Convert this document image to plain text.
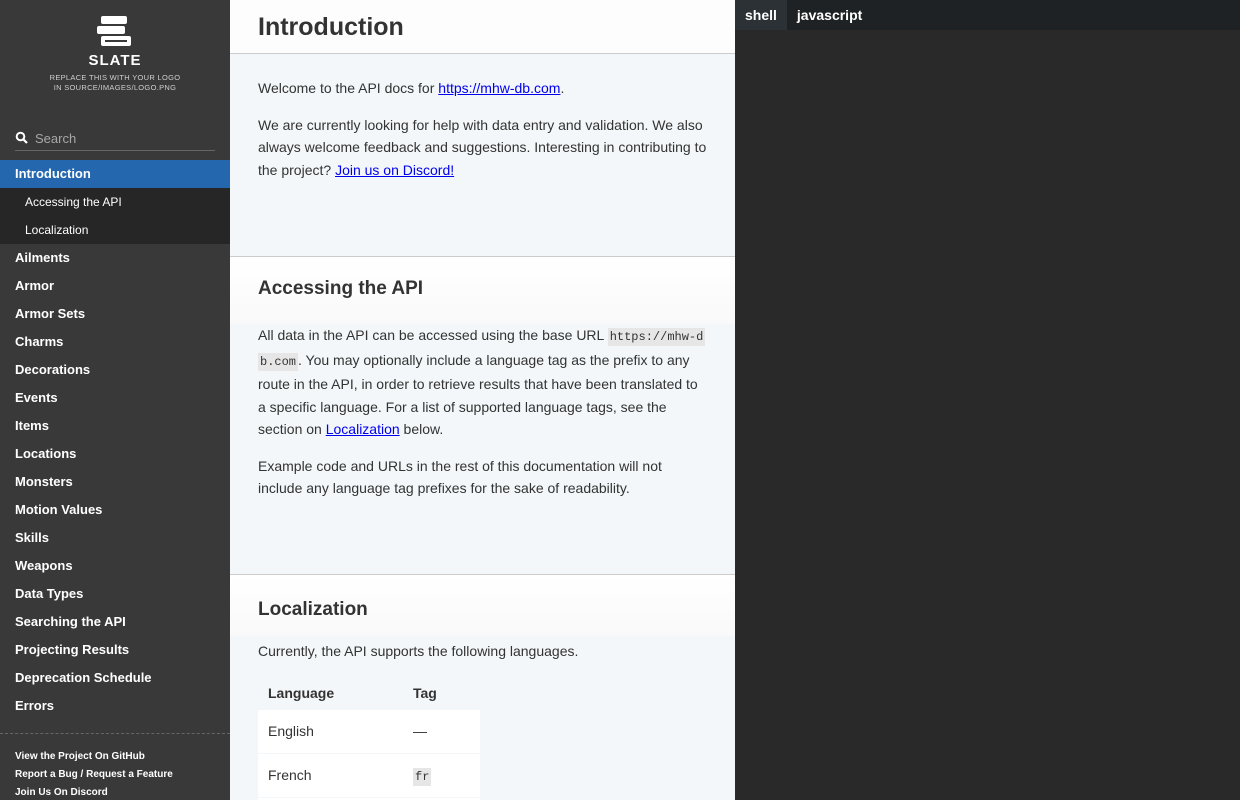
SLATE
REPLACE THIS WITH YOUR LOGO
IN SOURCE/IMAGES/LOGO.PNG
Search
Introduction
Accessing the API
Localization
Ailments
Armor
Armor Sets
Charms
Decorations
Events
Items
Locations
Monsters
Motion Values
Skills
Weapons
Data Types
Searching the API
Projecting Results
Deprecation Schedule
Errors
View the Project On GitHub
Report a Bug / Request a Feature
Join Us On Discord
Introduction

Welcome to the API docs for https://mhw-db.com.

We are currently looking for help with data entry and validation. We also always welcome feedback and suggestions. Interesting in contributing to the project? Join us on Discord!

Accessing the API

All data in the API can be accessed using the base URL https://mhw-d
b.com . You may optionally include a language tag as the prefix to any route in the API, in order to retrieve results that have been translated to a specific language. For a list of supported language tags, see the section on Localization below.

Example code and URLs in the rest of this documentation will not include any language tag prefixes for the sake of readability.

Localization

Currently, the API supports the following languages.

Language	Tag
English	—
French	fr

shell	javascript
